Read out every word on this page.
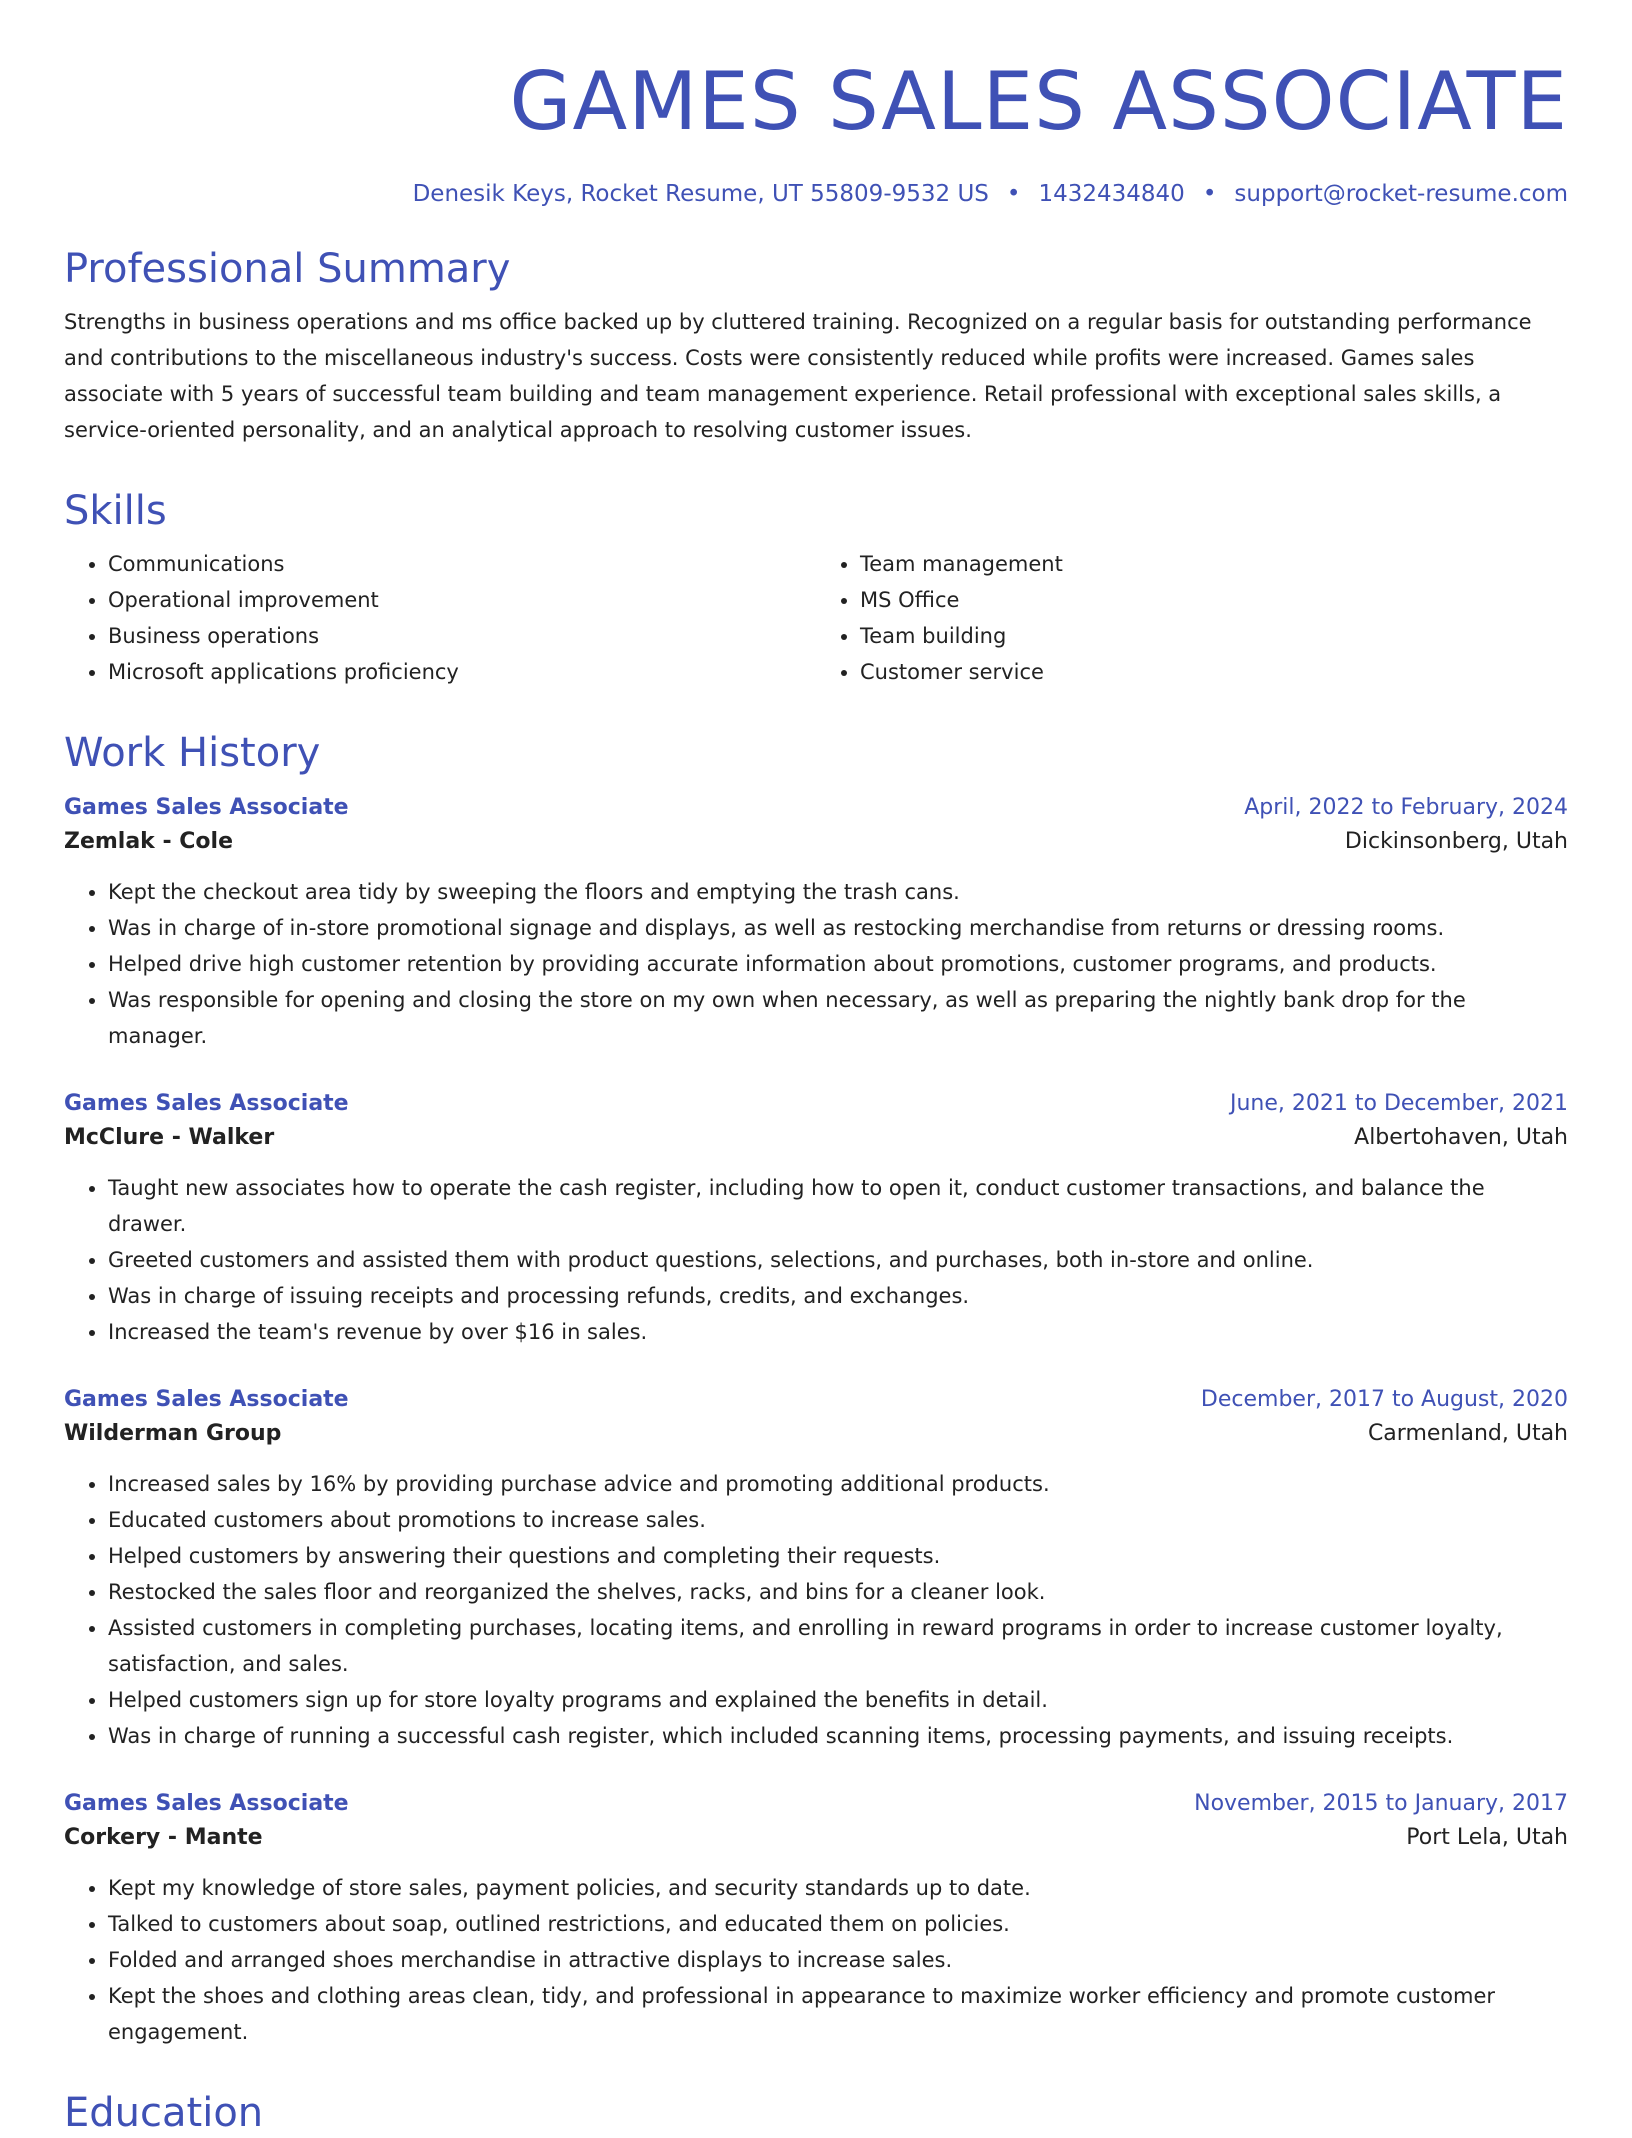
GAMES SALES ASSOCIATE
Denesik Keys, Rocket Resume, UT 55809-9532 US • 1432434840 • support@rocket-resume.com
Professional Summary

Strengths in business operations and ms office backed up by cluttered training. Recognized on a regular basis for outstanding performance and contributions to the miscellaneous industry's success. Costs were consistently reduced while profits were increased. Games sales associate with 5 years of successful team building and team management experience. Retail professional with exceptional sales skills, a service-oriented personality, and an analytical approach to resolving customer issues.

Skills
• Communications
• Operational improvement
• Business operations
• Microsoft applications proficiency
• Team management
• MS Office
• Team building
• Customer service
Work History
Games Sales Associate	April, 2022 to February, 2024
Zemlak - Cole	Dickinsonberg, Utah
• Kept the checkout area tidy by sweeping the floors and emptying the trash cans.
• Was in charge of in-store promotional signage and displays, as well as restocking merchandise from returns or dressing rooms.
• Helped drive high customer retention by providing accurate information about promotions, customer programs, and products.
• Was responsible for opening and closing the store on my own when necessary, as well as preparing the nightly bank drop for the manager.
Games Sales Associate	June, 2021 to December, 2021
McClure - Walker	Albertohaven, Utah
• Taught new associates how to operate the cash register, including how to open it, conduct customer transactions, and balance the drawer.
• Greeted customers and assisted them with product questions, selections, and purchases, both in-store and online.
• Was in charge of issuing receipts and processing refunds, credits, and exchanges.
• Increased the team's revenue by over $16 in sales.
Games Sales Associate	December, 2017 to August, 2020
Wilderman Group	Carmenland, Utah
• Increased sales by 16% by providing purchase advice and promoting additional products.
• Educated customers about promotions to increase sales.
• Helped customers by answering their questions and completing their requests.
• Restocked the sales floor and reorganized the shelves, racks, and bins for a cleaner look.
• Assisted customers in completing purchases, locating items, and enrolling in reward programs in order to increase customer loyalty, satisfaction, and sales.
• Helped customers sign up for store loyalty programs and explained the benefits in detail.
• Was in charge of running a successful cash register, which included scanning items, processing payments, and issuing receipts.
Games Sales Associate	November, 2015 to January, 2017
Corkery - Mante	Port Lela, Utah
• Kept my knowledge of store sales, payment policies, and security standards up to date.
• Talked to customers about soap, outlined restrictions, and educated them on policies.
• Folded and arranged shoes merchandise in attractive displays to increase sales.
• Kept the shoes and clothing areas clean, tidy, and professional in appearance to maximize worker efficiency and promote customer engagement.
Education
